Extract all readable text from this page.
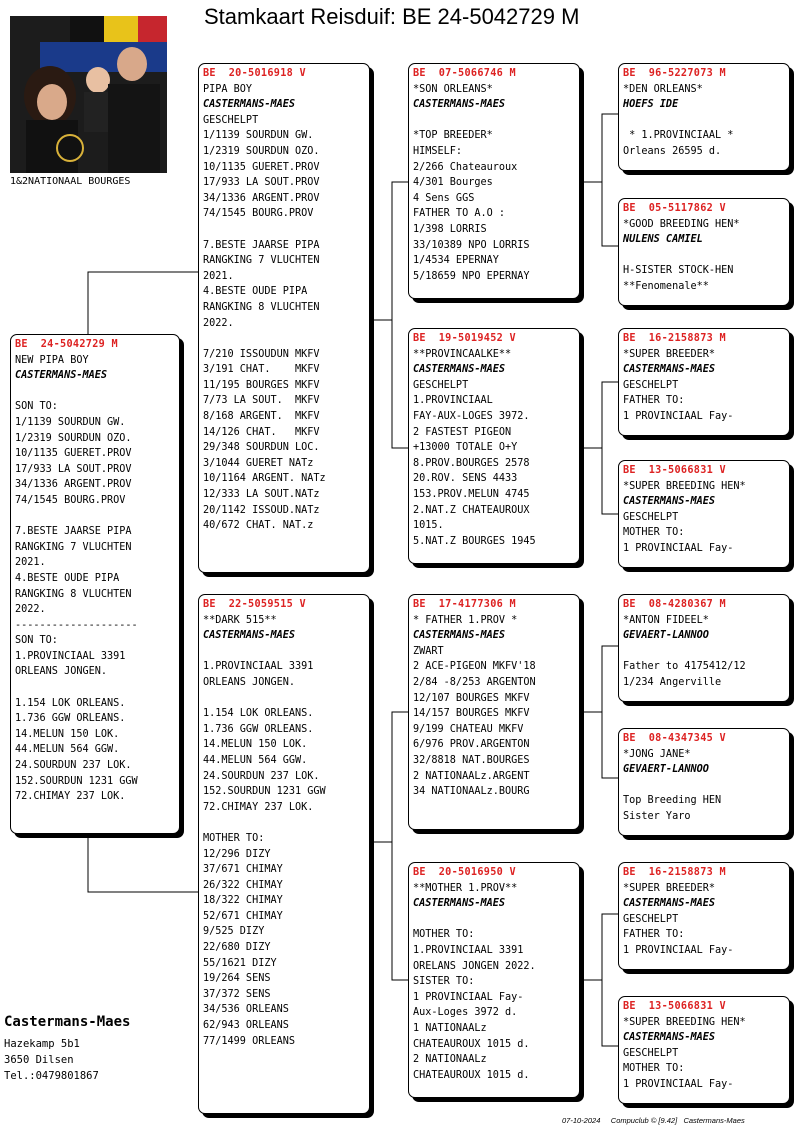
Stamkaart Reisduif: BE 24-5042729 M
1&2NATIONAAL BOURGES
BE  24-5042729 M
NEW PIPA BOY
CASTERMANS-MAES
SON TO:
1/1139 SOURDUN GW.
1/2319 SOURDUN OZO.
10/1135 GUERET.PROV
17/933 LA SOUT.PROV
34/1336 ARGENT.PROV
74/1545 BOURG.PROV
7.BESTE JAARSE PIPA
RANGKING 7 VLUCHTEN
2021.
4.BESTE OUDE PIPA
RANGKING 8 VLUCHTEN
2022.
--------------------
SON TO:
1.PROVINCIAAL 3391
ORLEANS JONGEN.
1.154 LOK ORLEANS.
1.736 GGW ORLEANS.
14.MELUN 150 LOK.
44.MELUN 564 GGW.
24.SOURDUN 237 LOK.
152.SOURDUN 1231 GGW
72.CHIMAY 237 LOK.
BE  20-5016918 V
PIPA BOY
CASTERMANS-MAES
GESCHELPT
1/1139 SOURDUN GW.
1/2319 SOURDUN OZO.
10/1135 GUERET.PROV
17/933 LA SOUT.PROV
34/1336 ARGENT.PROV
74/1545 BOURG.PROV
7.BESTE JAARSE PIPA
RANGKING 7 VLUCHTEN
2021.
4.BESTE OUDE PIPA
RANGKING 8 VLUCHTEN
2022.
7/210 ISSOUDUN MKFV
3/191 CHAT.    MKFV
11/195 BOURGES MKFV
7/73 LA SOUT.  MKFV
8/168 ARGENT.  MKFV
14/126 CHAT.   MKFV
29/348 SOURDUN LOC.
3/1044 GUERET NATz
10/1164 ARGENT. NATz
12/333 LA SOUT.NATz
20/1142 ISSOUD.NATz
40/672 CHAT. NAT.z
BE  22-5059515 V
**DARK 515**
CASTERMANS-MAES
1.PROVINCIAAL 3391
ORLEANS JONGEN.
1.154 LOK ORLEANS.
1.736 GGW ORLEANS.
14.MELUN 150 LOK.
44.MELUN 564 GGW.
24.SOURDUN 237 LOK.
152.SOURDUN 1231 GGW
72.CHIMAY 237 LOK.
MOTHER TO:
12/296 DIZY
37/671 CHIMAY
26/322 CHIMAY
18/322 CHIMAY
52/671 CHIMAY
9/525 DIZY
22/680 DIZY
55/1621 DIZY
19/264 SENS
37/372 SENS
34/536 ORLEANS
62/943 ORLEANS
77/1499 ORLEANS
BE  07-5066746 M
*SON ORLEANS*
CASTERMANS-MAES
*TOP BREEDER*
HIMSELF:
2/266 Chateauroux
4/301 Bourges
4 Sens GGS
FATHER TO A.O :
1/398 LORRIS
33/10389 NPO LORRIS
1/4534 EPERNAY
5/18659 NPO EPERNAY
BE  19-5019452 V
**PROVINCAALKE**
CASTERMANS-MAES
GESCHELPT
1.PROVINCIAAL
FAY-AUX-LOGES 3972.
2 FASTEST PIGEON
+13000 TOTALE O+Y
8.PROV.BOURGES 2578
20.ROV. SENS 4433
153.PROV.MELUN 4745
2.NAT.Z CHATEAUROUX
1015.
5.NAT.Z BOURGES 1945
BE  17-4177306 M
* FATHER 1.PROV *
CASTERMANS-MAES
ZWART
2 ACE-PIGEON MKFV'18
2/84 -8/253 ARGENTON
12/107 BOURGES MKFV
14/157 BOURGES MKFV
9/199 CHATEAU MKFV
6/976 PROV.ARGENTON
32/8818 NAT.BOURGES
2 NATIONAALz.ARGENT
34 NATIONAALz.BOURG
BE  20-5016950 V
**MOTHER 1.PROV**
CASTERMANS-MAES
MOTHER TO:
1.PROVINCIAAL 3391
ORELANS JONGEN 2022.
SISTER TO:
1 PROVINCIAAL Fay-
Aux-Loges 3972 d.
1 NATIONAALz
CHATEAUROUX 1015 d.
2 NATIONAALz
CHATEAUROUX 1015 d.
BE  96-5227073 M
*DEN ORLEANS*
HOEFS IDE
* 1.PROVINCIAAL *
Orleans 26595 d.
BE  05-5117862 V
*GOOD BREEDING HEN*
NULENS CAMIEL
H-SISTER STOCK-HEN
**Fenomenale**
BE  16-2158873 M
*SUPER BREEDER*
CASTERMANS-MAES
GESCHELPT
FATHER TO:
1 PROVINCIAAL Fay-
BE  13-5066831 V
*SUPER BREEDING HEN*
CASTERMANS-MAES
GESCHELPT
MOTHER TO:
1 PROVINCIAAL Fay-
BE  08-4280367 M
*ANTON FIDEEL*
GEVAERT-LANNOO
Father to 4175412/12
1/234 Angerville
BE  08-4347345 V
*JONG JANE*
GEVAERT-LANNOO
Top Breeding HEN
Sister Yaro
BE  16-2158873 M
*SUPER BREEDER*
CASTERMANS-MAES
GESCHELPT
FATHER TO:
1 PROVINCIAAL Fay-
BE  13-5066831 V
*SUPER BREEDING HEN*
CASTERMANS-MAES
GESCHELPT
MOTHER TO:
1 PROVINCIAAL Fay-
Castermans-Maes
Hazekamp 5b1
3650 Dilsen
Tel.:0479801867
07-10-2024 Compuclub © [9.42] Castermans-Maes
